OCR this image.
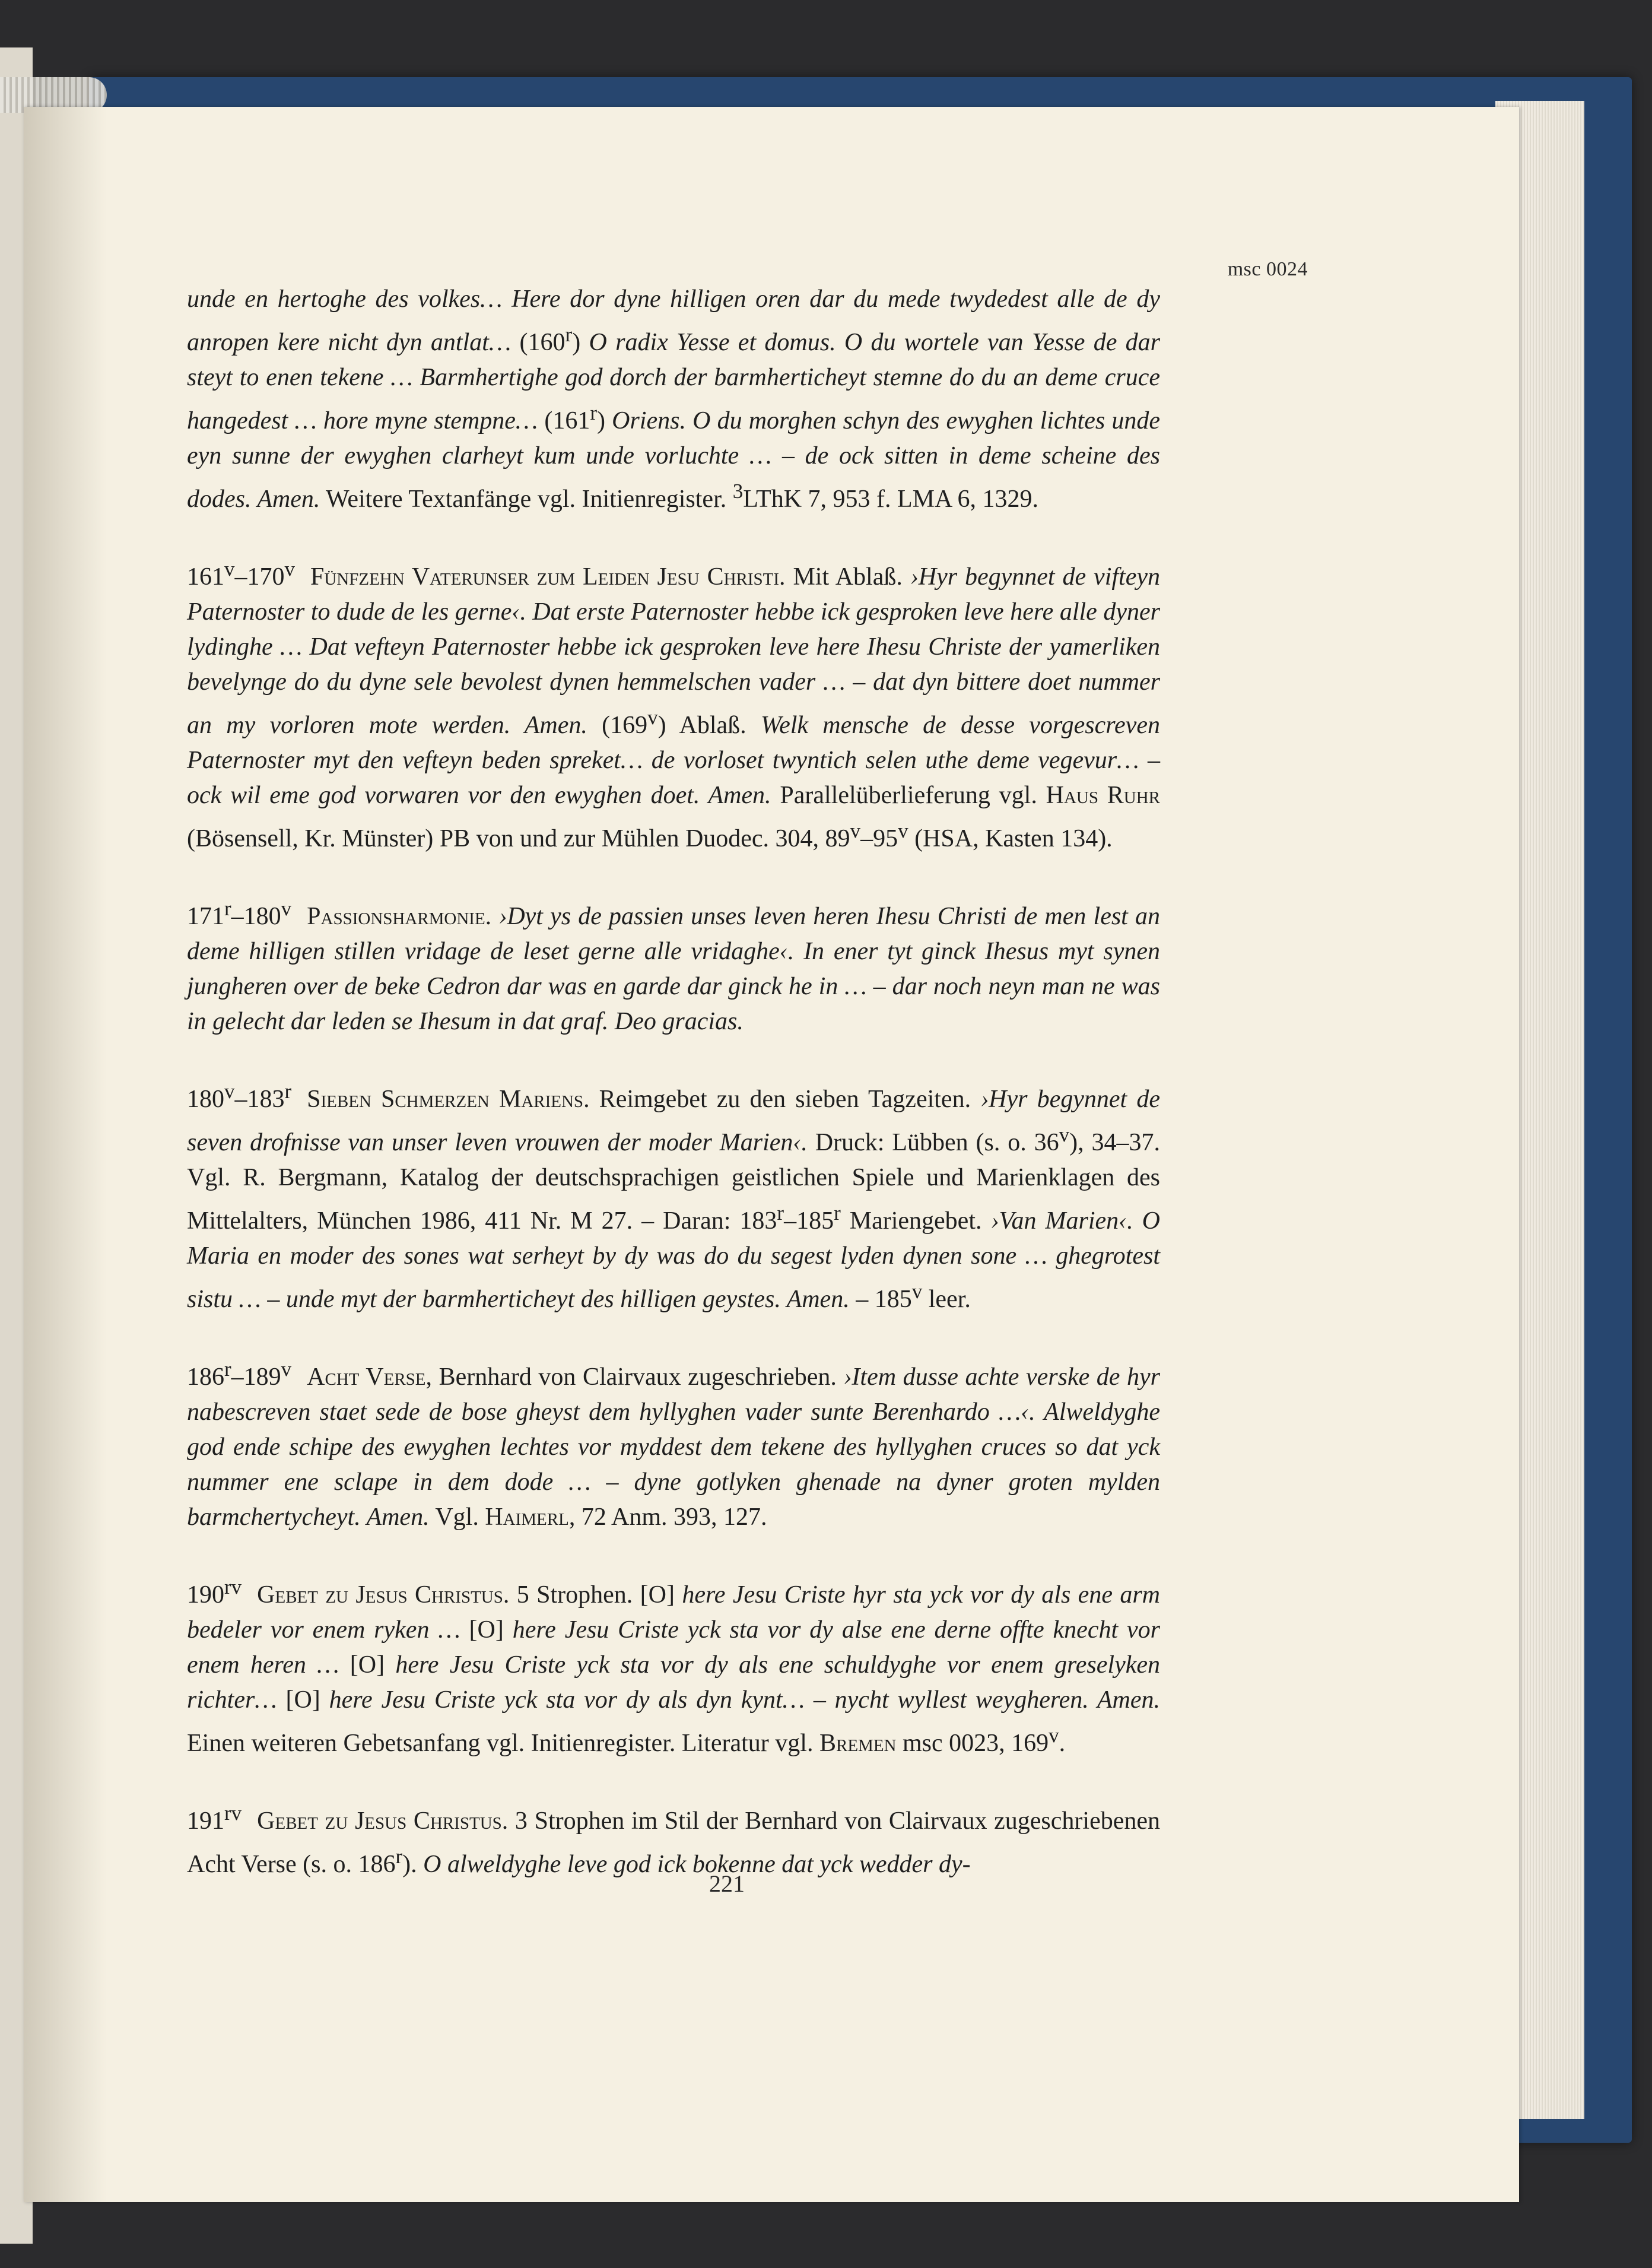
msc 0024

unde en hertoghe des volkes… Here dor dyne hilligen oren dar du mede twydedest alle de dy anropen kere nicht dyn antlat… (160$^r$) O radix Yesse et domus. O du wortele van Yesse de dar steyt to enen tekene … Barmhertighe god dorch der barmherticheyt stemne do du an deme cruce hangedest … hore myne stempne… (161$^r$) Oriens. O du morghen schyn des ewyghen lichtes unde eyn sunne der ewyghen clarheyt kum unde vorluchte … – de ock sitten in deme scheine des dodes. Amen. Weitere Textanfänge vgl. Initienregister. $^3$LThK 7, 953 f. LMA 6, 1329.

161$^v$–170$^v$ Fünfzehn Vaterunser zum Leiden Jesu Christi. Mit Ablaß. ›Hyr begynnet de vifteyn Paternoster to dude de les gerne‹. Dat erste Paternoster hebbe ick gesproken leve here alle dyner lydinghe … Dat vefteyn Paternoster hebbe ick gesproken leve here Ihesu Christe der yamerliken bevelynge do du dyne sele bevolest dynen hemmelschen vader … – dat dyn bittere doet nummer an my vorloren mote werden. Amen. (169$^v$) Ablaß. Welk mensche de desse vorgescreven Paternoster myt den vefteyn beden spreket… de vorloset twyntich selen uthe deme vegevur… – ock wil eme god vorwaren vor den ewyghen doet. Amen. Parallelüberlieferung vgl. Haus Ruhr (Bösensell, Kr. Münster) PB von und zur Mühlen Duodec. 304, 89$^v$–95$^v$ (HSA, Kasten 134).

171$^r$–180$^v$ Passionsharmonie. ›Dyt ys de passien unses leven heren Ihesu Christi de men lest an deme hilligen stillen vridage de leset gerne alle vridaghe‹. In ener tyt ginck Ihesus myt synen jungheren over de beke Cedron dar was en garde dar ginck he in … – dar noch neyn man ne was in gelecht dar leden se Ihesum in dat graf. Deo gracias.

180$^v$–183$^r$ Sieben Schmerzen Mariens. Reimgebet zu den sieben Tagzeiten. ›Hyr begynnet de seven drofnisse van unser leven vrouwen der moder Marien‹. Druck: Lübben (s. o. 36$^v$), 34–37. Vgl. R. Bergmann, Katalog der deutschsprachigen geistlichen Spiele und Marienklagen des Mittelalters, München 1986, 411 Nr. M 27. – Daran: 183$^r$–185$^r$ Mariengebet. ›Van Marien‹. O Maria en moder des sones wat serheyt by dy was do du segest lyden dynen sone … ghegrotest sistu … – unde myt der barmherticheyt des hilligen geystes. Amen. – 185$^v$ leer.

186$^r$–189$^v$ Acht Verse, Bernhard von Clairvaux zugeschrieben. ›Item dusse achte verske de hyr nabescreven staet sede de bose gheyst dem hyllyghen vader sunte Berenhardo …‹. Alweldyghe god ende schipe des ewyghen lechtes vor myddest dem tekene des hyllyghen cruces so dat yck nummer ene sclape in dem dode … – dyne gotlyken ghenade na dyner groten mylden barmchertycheyt. Amen. Vgl. Haimerl, 72 Anm. 393, 127.

$190^{rv}$ Gebet zu Jesus Christus. 5 Strophen. [O] here Jesu Criste hyr sta yck vor dy als ene arm bedeler vor enem ryken … [O] here Jesu Criste yck sta vor dy alse ene derne offte knecht vor enem heren … [O] here Jesu Criste yck sta vor dy als ene schuldyghe vor enem greselyken richter… [O] here Jesu Criste yck sta vor dy als dyn kynt… – nycht wyllest weygheren. Amen. Einen weiteren Gebetsanfang vgl. Initienregister. Literatur vgl. Bremen msc 0023, 169$^v$.

$191^{rv}$ Gebet zu Jesus Christus. 3 Strophen im Stil der Bernhard von Clairvaux zugeschriebenen Acht Verse (s. o. 186$^r$). O alweldyghe leve god ick bokenne dat yck wedder dy-

221
